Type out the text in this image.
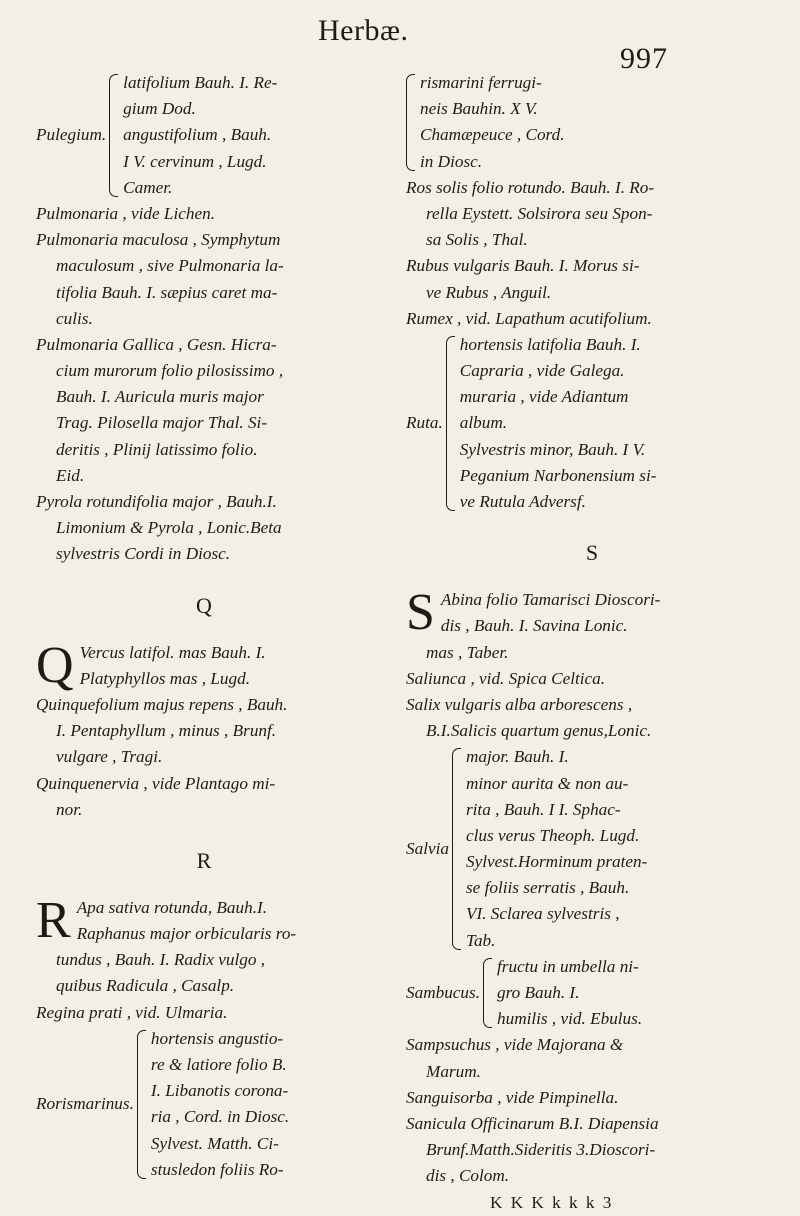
Herbæ.
997
Pulegium.
latifolium Bauh. I. Re-
gium Dod.
angustifolium , Bauh.
I V. cervinum , Lugd.
Camer.
Pulmonaria , vide Lichen.
Pulmonaria maculosa , Symphytum
maculosum , sive Pulmonaria la-
tifolia Bauh. I. sæpius caret ma-
culis.
Pulmonaria Gallica , Gesn. Hicra-
cium murorum folio pilosissimo ,
Bauh. I. Auricula muris major
Trag. Pilosella major Thal. Si-
deritis , Plinij latissimo folio.
Eid.
Pyrola rotundifolia major , Bauh.I.
Limonium & Pyrola , Lonic.Beta
sylvestris Cordi in Diosc.
Q
Q Vercus latifol. mas Bauh. I.
Platyphyllos mas , Lugd.
Quinquefolium majus repens , Bauh.
I. Pentaphyllum , minus , Brunf.
vulgare , Tragi.
Quinquenervia , vide Plantago mi-
nor.
R
R Apa sativa rotunda, Bauh.I.
Raphanus major orbicularis ro-
tundus , Bauh. I. Radix vulgo ,
quibus Radicula , Casalp.
Regina prati , vid. Ulmaria.
Rorismarinus.
hortensis angustio-
re & latiore folio B.
I. Libanotis corona-
ria , Cord. in Diosc.
Sylvest. Matth. Ci-
stusledon foliis Ro-
rismarini ferrugi-
neis Bauhin. X V.
Chamæpeuce , Cord.
in Diosc.
Ros solis folio rotundo. Bauh. I. Ro-
rella Eystett. Solsirora seu Spon-
sa Solis , Thal.
Rubus vulgaris Bauh. I. Morus si-
ve Rubus , Anguil.
Rumex , vid. Lapathum acutifolium.
Ruta.
hortensis latifolia Bauh. I.
Capraria , vide Galega.
muraria , vide Adiantum
album.
Sylvestris minor, Bauh. I V.
Peganium Narbonensium si-
ve Rutula Adversf.
S
S Abina folio Tamarisci Dioscori-
dis , Bauh. I. Savina Lonic.
mas , Taber.
Saliunca , vid. Spica Celtica.
Salix vulgaris alba arborescens ,
B.I.Salicis quartum genus,Lonic.
Salvia
major. Bauh. I.
minor aurita & non au-
rita , Bauh. I I. Sphac-
clus verus Theoph. Lugd.
Sylvest.Horminum praten-
se foliis serratis , Bauh.
VI. Sclarea sylvestris ,
Tab.
Sambucus.
fructu in umbella ni-
gro Bauh. I.
humilis , vid. Ebulus.
Sampsuchus , vide Majorana &
Marum.
Sanguisorba , vide Pimpinella.
Sanicula Officinarum B.I. Diapensia
Brunf.Matth.Sideritis 3.Dioscori-
dis , Colom.
K K K k k k 3
